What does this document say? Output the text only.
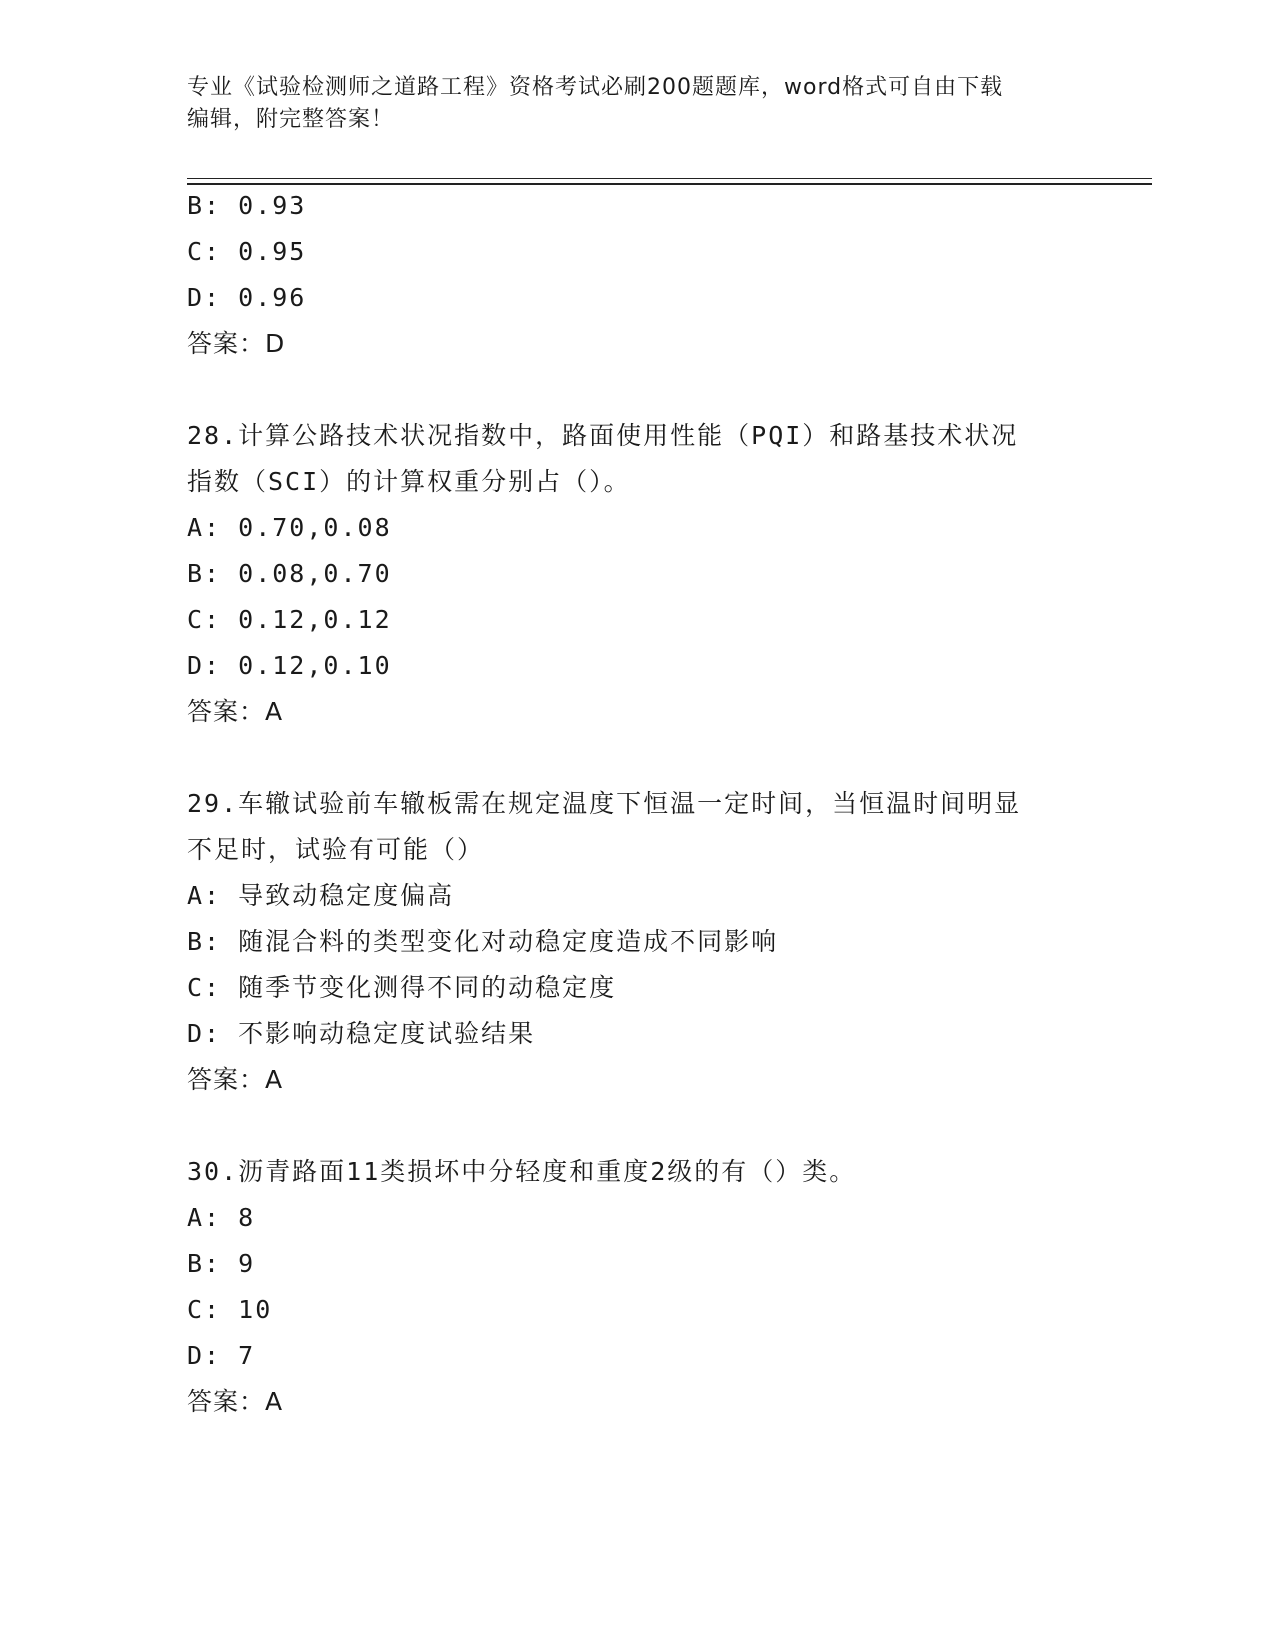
专业《试验检测师之道路工程》资格考试必刷200题题库，word格式可自由下载
编辑，附完整答案！
B: 0.93
C: 0.95
D: 0.96
答案：D
28.计算公路技术状况指数中，路面使用性能（PQI）和路基技术状况
指数（SCI）的计算权重分别占（）。
A: 0.70,0.08
B: 0.08,0.70
C: 0.12,0.12
D: 0.12,0.10
答案：A
29.车辙试验前车辙板需在规定温度下恒温一定时间，当恒温时间明显
不足时，试验有可能（）
A: 导致动稳定度偏高
B: 随混合料的类型变化对动稳定度造成不同影响
C: 随季节变化测得不同的动稳定度
D: 不影响动稳定度试验结果
答案：A
30.沥青路面11类损坏中分轻度和重度2级的有（）类。
A: 8
B: 9
C: 10
D: 7
答案：A
